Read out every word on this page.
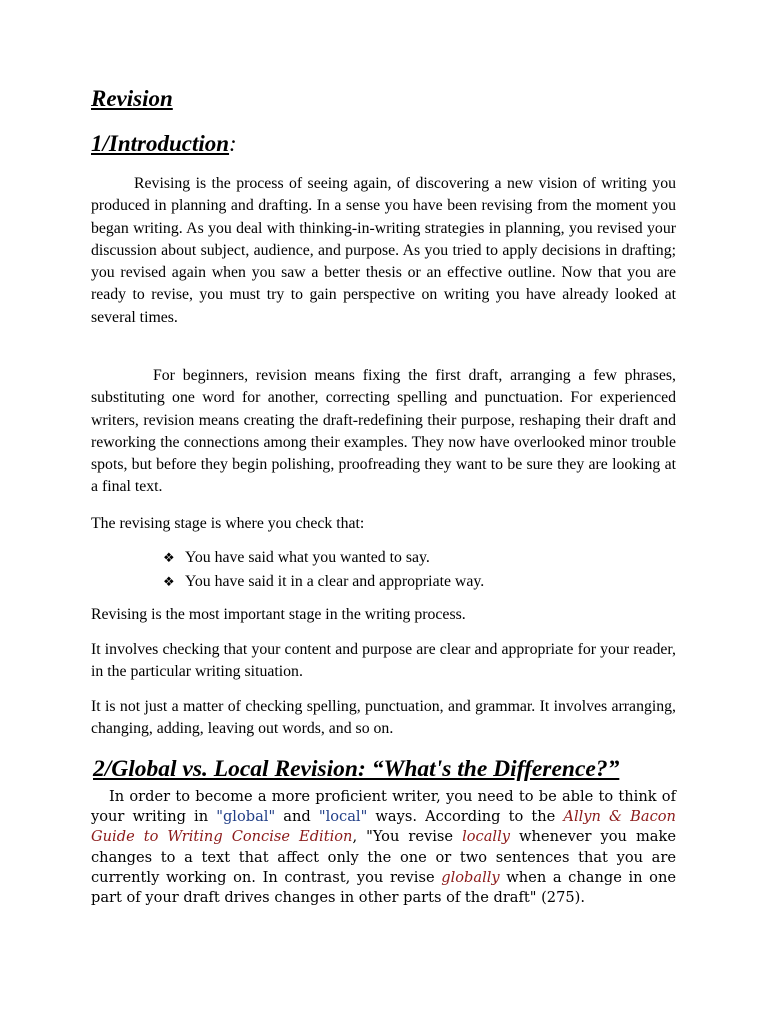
Revision
1/Introduction:

Revising is the process of seeing again, of discovering a new vision of writing you produced in planning and drafting. In a sense you have been revising from the moment you began writing. As you deal with thinking-in-writing strategies in planning, you revised your discussion about subject, audience, and purpose. As you tried to apply decisions in drafting; you revised again when you saw a better thesis or an effective outline. Now that you are ready to revise, you must try to gain perspective on writing you have already looked at several times.

For beginners, revision means fixing the first draft, arranging a few phrases, substituting one word for another, correcting spelling and punctuation. For experienced writers, revision means creating the draft-redefining their purpose, reshaping their draft and reworking the connections among their examples. They now have overlooked minor trouble spots, but before they begin polishing, proofreading they want to be sure they are looking at a final text.

The revising stage is where you check that:

❖ You have said what you wanted to say.
❖ You have said it in a clear and appropriate way.

Revising is the most important stage in the writing process.

It involves checking that your content and purpose are clear and appropriate for your reader, in the particular writing situation.

It is not just a matter of checking spelling, punctuation, and grammar. It involves arranging, changing, adding, leaving out words, and so on.

2/Global vs. Local Revision: “What's the Difference?”

In order to become a more proficient writer, you need to be able to think of your writing in "global" and "local" ways. According to the Allyn & Bacon Guide to Writing Concise Edition, "You revise locally whenever you make changes to a text that affect only the one or two sentences that you are currently working on. In contrast, you revise globally when a change in one part of your draft drives changes in other parts of the draft" (275).
